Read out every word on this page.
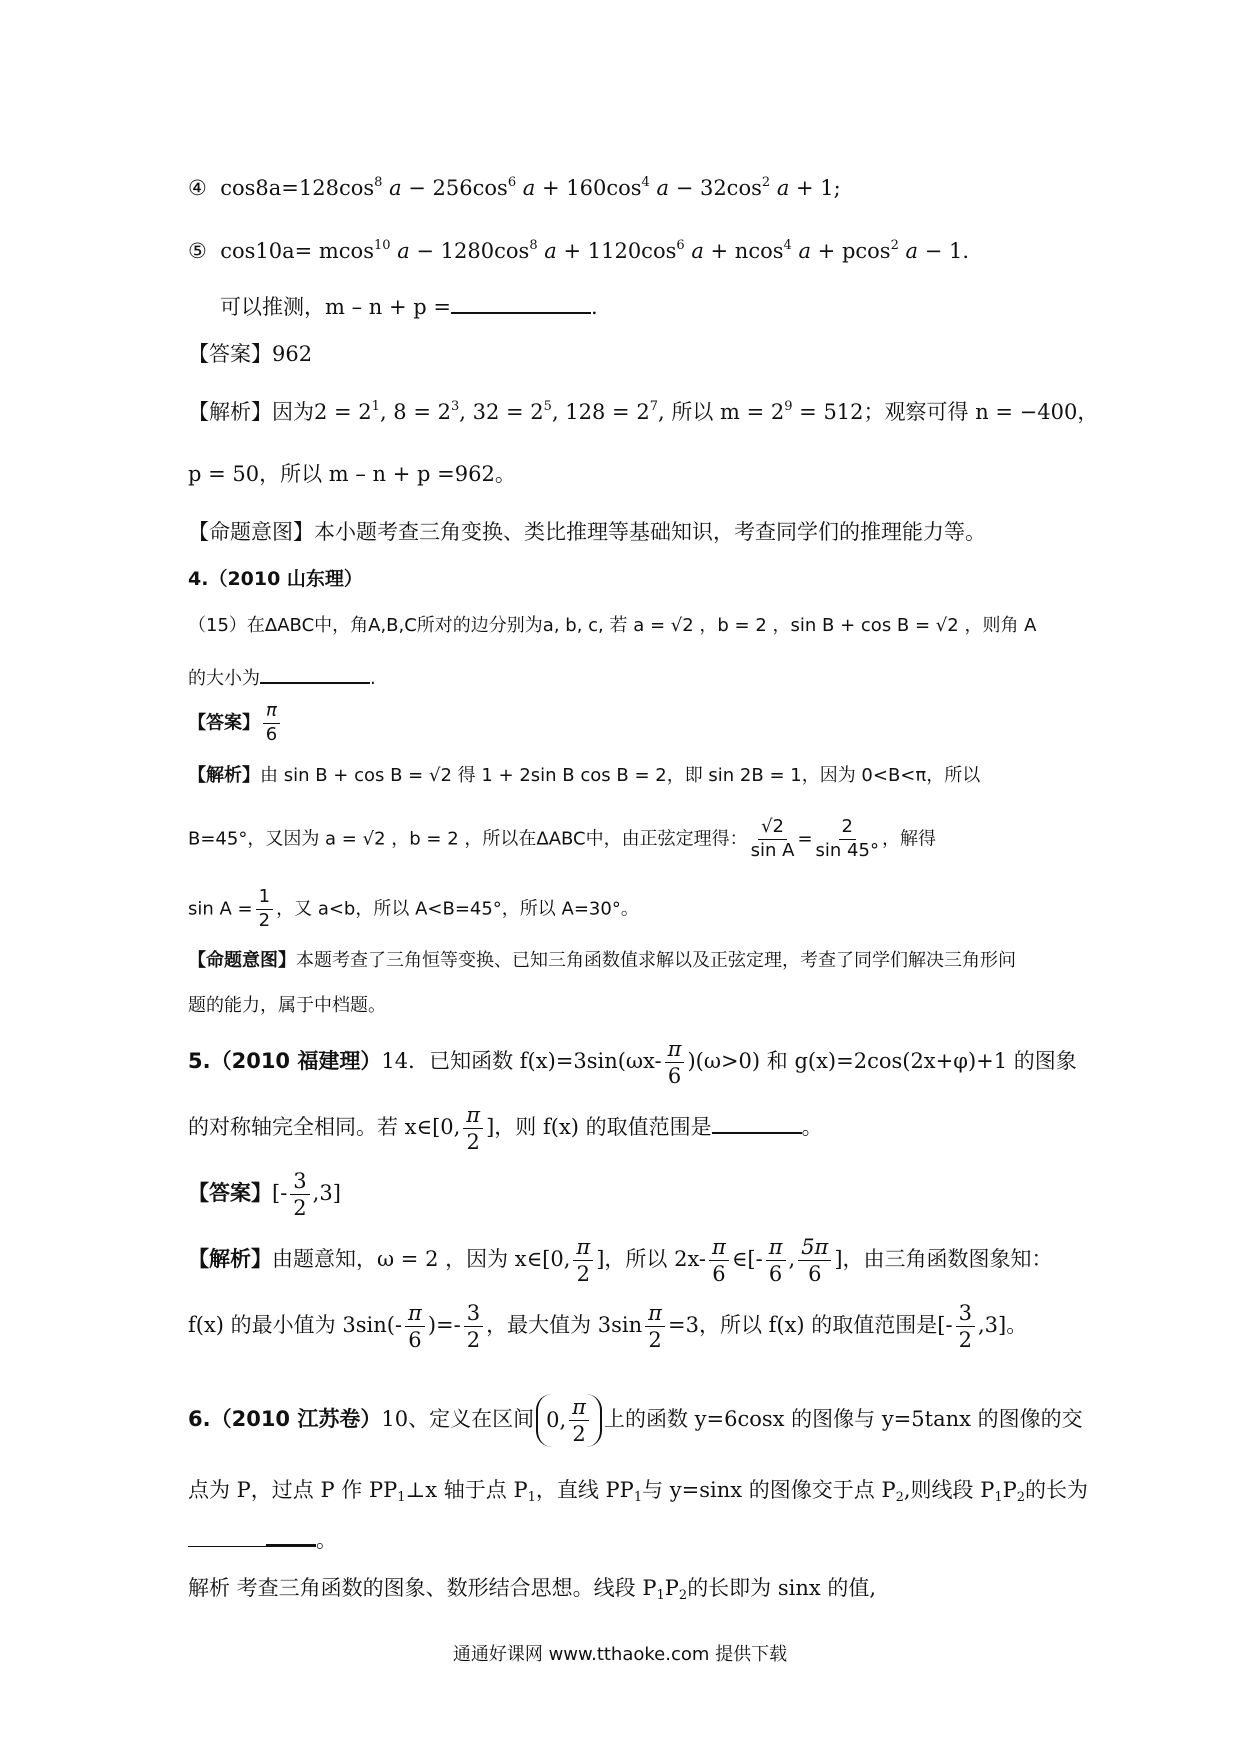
④ $\cos 8a=128\cos^8$ $a - 256\cos^6$ $a + 160\cos^4$ $a - 32\cos^2$ a + 1;
⑤ cos10a= mcos$^{10}$ $a - 1280\cos^8$ $a + 1120\cos^6$ a + ncos$^4$ a + pcos$^2$ a − 1.
可以推测，m – n + p =	.
【答案】962
【解析】因为$2 = 2^1$, $8 = 2^3$, $32 = 2^5$, $128 = 2^7$, 所以 $m = 2^9 = 512$；观察可得 n = −400，
p = 50，所以 m – n + p =962。
【命题意图】本小题考查三角变换、类比推理等基础知识，考查同学们的推理能力等。
4.（2010 山东理）
（15）在ΔABC中，角A,B,C所对的边分别为a, b, c, 若 a = √2 ，b = 2 ，sin B + cos B = √2 ，则角 A
的大小为	.
【答案】 $\frac{\pi}{6}$
【解析】由 sin B + cos B = √2 得 1 + 2sin B cos B = 2，即 sin 2B = 1，因为 0<B<π，所以
B=45°，又因为 a = √2 ，b = 2 ，所以在ΔABC中，由正弦定理得： $\frac{√2}{\text{sin A}} = \frac{2}{\sin 45^\circ}$ ，解得
$\sin A = \frac{1}{2}$ ，又 a<b，所以 A<B=45°，所以 A=30°。
【命题意图】本题考查了三角恒等变换、已知三角函数值求解以及正弦定理，考查了同学们解决三角形问
题的能力，属于中档题。
5.（2010 福建理）14．已知函数 $f(x)=3\sin(\omega x- \frac{\pi}{6} )(\omega>0)$ 和 g(x)=2cos(2x+φ)+1 的图象
的对称轴完全相同。若 x∈[0, $\frac{\pi}{2}$ ]，则 f(x) 的取值范围是	。
【答案】[- $\frac{3}{2} ,3$]
【解析】由题意知，ω = 2 ，因为 x∈[0, $\frac{\pi}{2}$ ]，所以 $2x- \frac{\pi}{6}$ ∈[- $\frac{\pi}{6}$ , $\frac{5\pi}{6}$ ]，由三角函数图象知：
f(x) 的最小值为 $3\sin(- \frac{\pi}{6}$ )=- $\frac{3}{2}$ ，最大值为 $3\sin \frac{\pi}{2} =3$，所以 f(x) 的取值范围是[- $\frac{3}{2} ,3$]。
6.（2010 江苏卷）10、定义在区间 0, $\frac{\pi}{2}$ 上的函数 y=6cosx 的图像与 y=5tanx 的图像的交
点为 P，过点 P 作 $PP_1\perp x$ 轴于点 $P_1$，直线 $PP_1$与 y=sinx 的图像交于点 $P_2$,则线段 $P_1P_2$的长为
。
解析 考查三角函数的图象、数形结合思想。线段 $P_1P_2$的长即为 sinx 的值,
通通好课网 www.tthaoke.com 提供下载
